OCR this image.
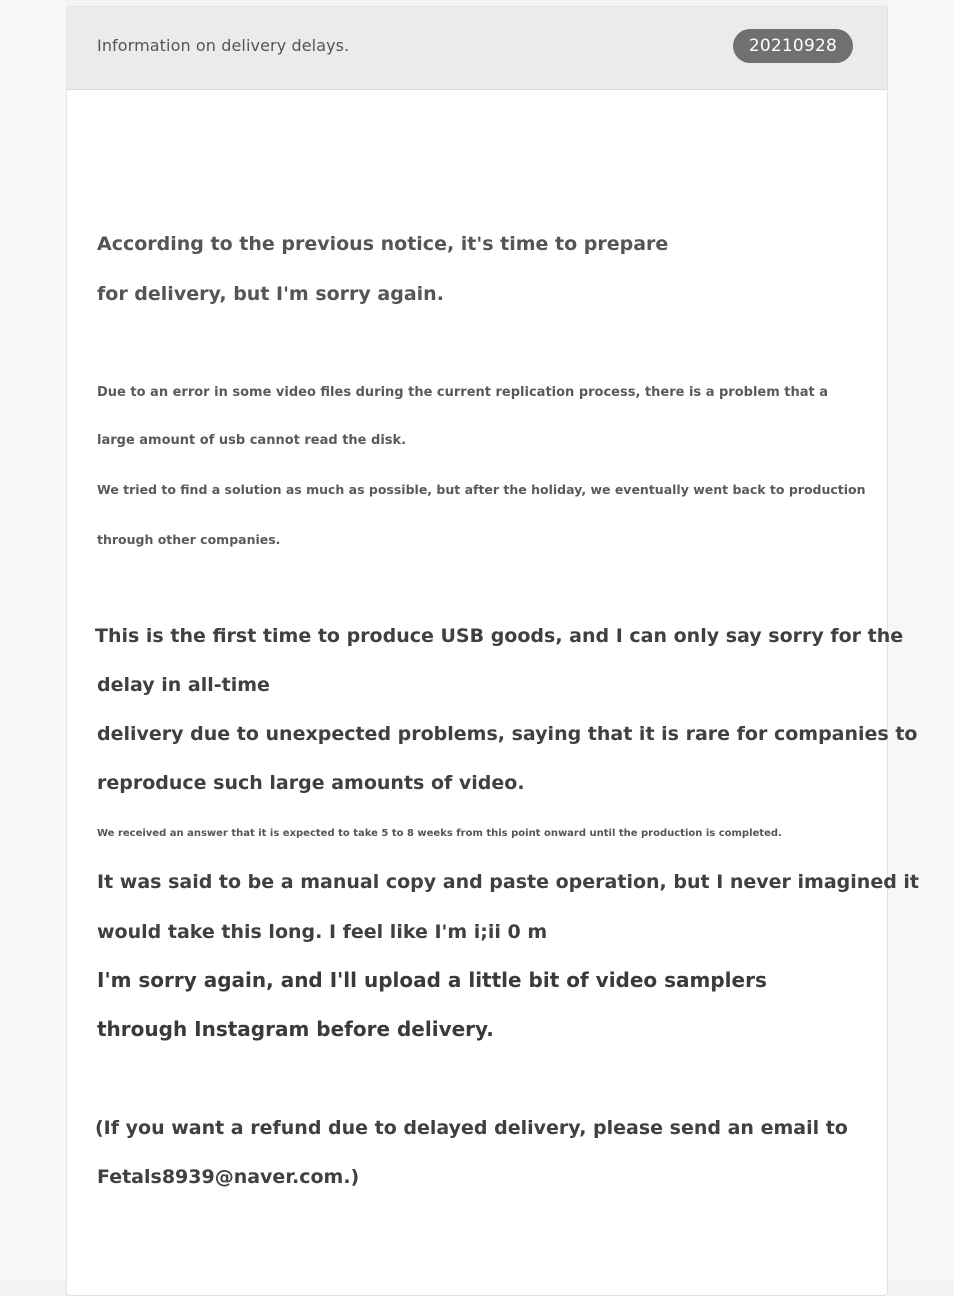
Information on delivery delays.	20210928
According to the previous notice, it's time to prepare
for delivery, but I'm sorry again.
Due to an error in some video files during the current replication process, there is a problem that a
large amount of usb cannot read the disk.
We tried to find a solution as much as possible, but after the holiday, we eventually went back to production
through other companies.
This is the first time to produce USB goods, and I can only say sorry for the
delay in all-time
delivery due to unexpected problems, saying that it is rare for companies to
reproduce such large amounts of video.
We received an answer that it is expected to take 5 to 8 weeks from this point onward until the production is completed.
It was said to be a manual copy and paste operation, but I never imagined it
would take this long. I feel like I'm i;ii 0 m
I'm sorry again, and I'll upload a little bit of video samplers
through Instagram before delivery.
(If you want a refund due to delayed delivery, please send an email to
Fetals8939@naver.com.)
